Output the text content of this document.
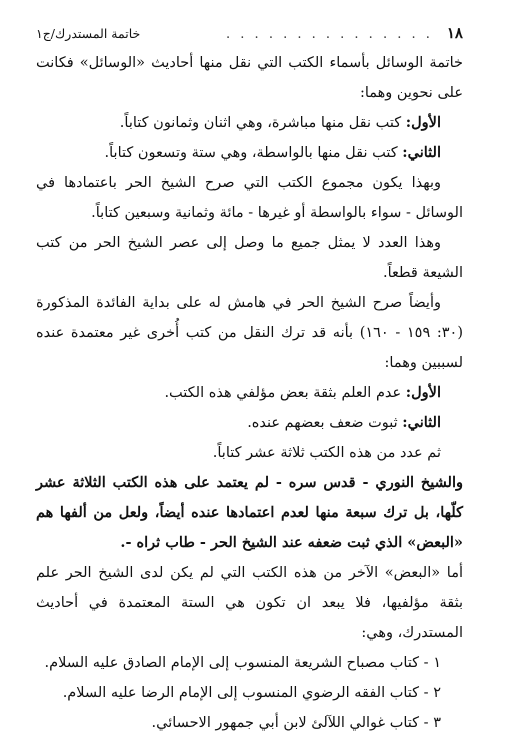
١٨
. . . . . . . . . . . . . . .
خاتمة المستدرك/ج١

خاتمة الوسائل بأسماء الكتب التي نقل منها أحاديث «الوسائل» فكانت على نحوين وهما:

الأول: كتب نقل منها مباشرة، وهي اثنان وثمانون كتاباً.
الثاني: كتب نقل منها بالواسطة، وهي ستة وتسعون كتاباً.

وبهذا يكون مجموع الكتب التي صرح الشيخ الحر باعتمادها في الوسائل - سواء بالواسطة أو غيرها - مائة وثمانية وسبعين كتاباً.

وهذا العدد لا يمثل جميع ما وصل إلى عصر الشيخ الحر من كتب الشيعة قطعاً.

وأيضاً صرح الشيخ الحر في هامش له على بداية الفائدة المذكورة (٣٠: ١٥٩ - ١٦٠) بأنه قد ترك النقل من كتب أُخرى غير معتمدة عنده لسببين وهما:

الأول: عدم العلم بثقة بعض مؤلفي هذه الكتب.
الثاني: ثبوت ضعف بعضهم عنده.

ثم عدد من هذه الكتب ثلاثة عشر كتاباً.

والشيخ النوري - قدس سره - لم يعتمد على هذه الكتب الثلاثة عشر كلّها، بل ترك سبعة منها لعدم اعتمادها عنده أيضاً، ولعل من ألفها هم «البعض» الذي ثبت ضعفه عند الشيخ الحر - طاب ثراه -.

أما «البعض» الآخر من هذه الكتب التي لم يكن لدى الشيخ الحر علم بثقة مؤلفيها، فلا يبعد ان تكون هي الستة المعتمدة في أحاديث المستدرك، وهي:

١ - كتاب مصباح الشريعة المنسوب إلى الإمام الصادق عليه السلام.
٢ - كتاب الفقه الرضوي المنسوب إلى الإمام الرضا عليه السلام.
٣ - كتاب غوالي اللآلئ لابن أبي جمهور الاحسائي.
